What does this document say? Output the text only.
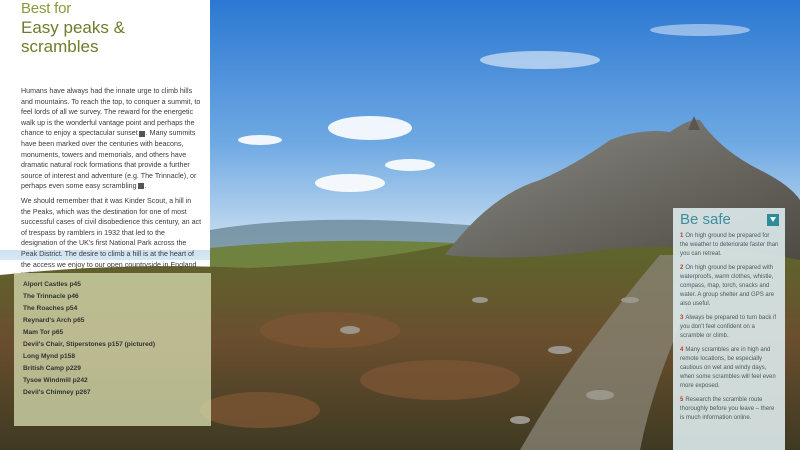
Best for
Easy peaks & scrambles

Humans have always had the innate urge to climb hills and mountains. To reach the top, to conquer a summit, to feel lords of all we survey. The reward for the energetic walk up is the wonderful vantage point and perhaps the chance to enjoy a spectacular sunset . Many summits have been marked over the centuries with beacons, monuments, towers and memorials, and others have dramatic natural rock formations that provide a further source of interest and adventure (e.g. The Trinnacle), or perhaps even some easy scrambling .

We should remember that it was Kinder Scout, a hill in the Peaks, which was the destination for one of most successful cases of civil disobedience this century, an act of trespass by ramblers in 1932 that led to the designation of the UK's first National Park across the Peak District. The desire to climb a hill is at the heart of the access we enjoy to our open countryside in England

Alport Castles p45
The Trinnacle p46
The Roaches p54
Reynard's Arch p65
Mam Tor p65
Devil's Chair, Stiperstones p157 (pictured)
Long Mynd p158
British Camp p229
Tysoe Windmill p242
Devil's Chimney p267
Be safe
1 On high ground be prepared for the weather to deteriorate faster than you can retreat.
2 On high ground be prepared with waterproofs, warm clothes, whistle, compass, map, torch, snacks and water. A group shelter and GPS are also useful.
3 Always be prepared to turn back if you don't feel confident on a scramble or climb.
4 Many scrambles are in high and remote locations, be especially cautious on wet and windy days, when some scrambles will feel even more exposed.
5 Research the scramble route thoroughly before you leave – there is much information online.
